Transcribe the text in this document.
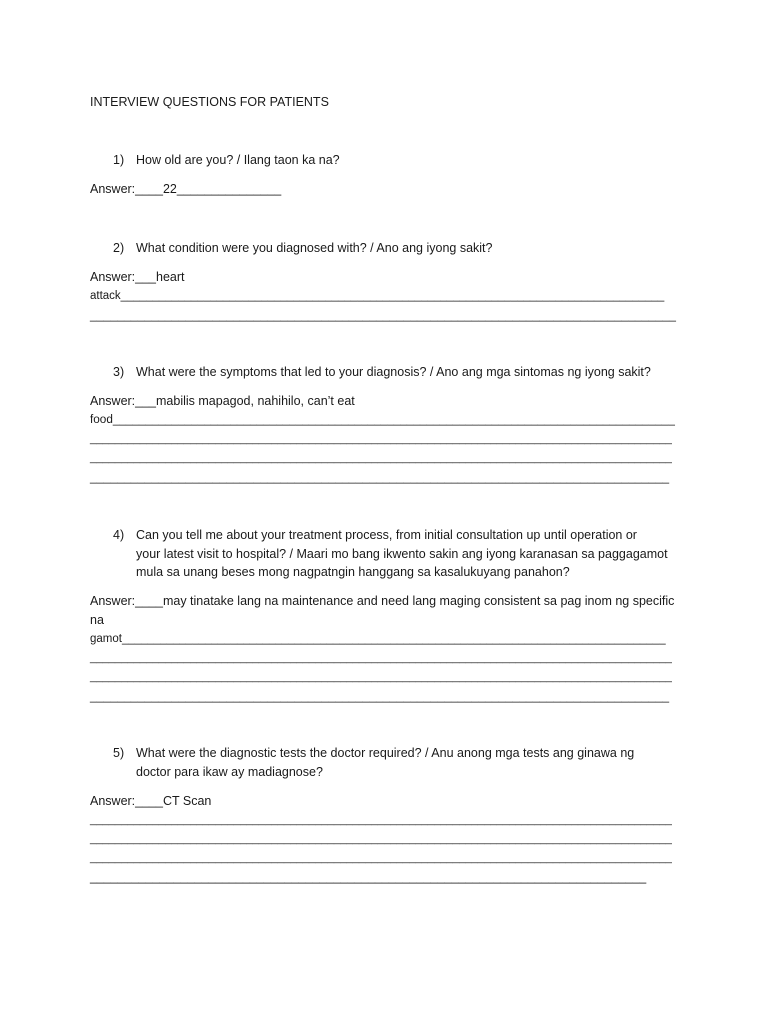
INTERVIEW QUESTIONS FOR PATIENTS
1) How old are you? / Ilang taon ka na?
Answer:____22_______________
2) What condition were you diagnosed with? / Ano ang iyong sakit?
Answer:___heart
attack_____________________________________________________________________________________
______________________________________________________________________________________
3) What were the symptoms that led to your diagnosis? / Ano ang mga sintomas ng iyong sakit?
Answer:___mabilis mapagod, nahihilo, can’t eat
food______________________________________________________________________________________
_____________________________________________________________________________________________
_____________________________________________________________________________________________
_____________________________________________________________________________________
4) Can you tell me about your treatment process, from initial consultation up until operation or
your latest visit to hospital? / Maari mo bang ikwento sakin ang iyong karanasan sa paggagamot
mula sa unang beses mong nagpatngin hanggang sa kasalukuyang panahon?
Answer:____may tinatake lang na maintenance and need lang maging consistent sa pag inom ng specific
na
gamot_____________________________________________________________________________________
_____________________________________________________________________________________________
_____________________________________________________________________________________________
_____________________________________________________________________________________
5) What were the diagnostic tests the doctor required? / Anu anong mga tests ang ginawa ng
doctor para ikaw ay madiagnose?
Answer:____CT Scan
_____________________________________________________________________________________________
_____________________________________________________________________________________________
_____________________________________________________________________________________________
________________________________________________________________________________
